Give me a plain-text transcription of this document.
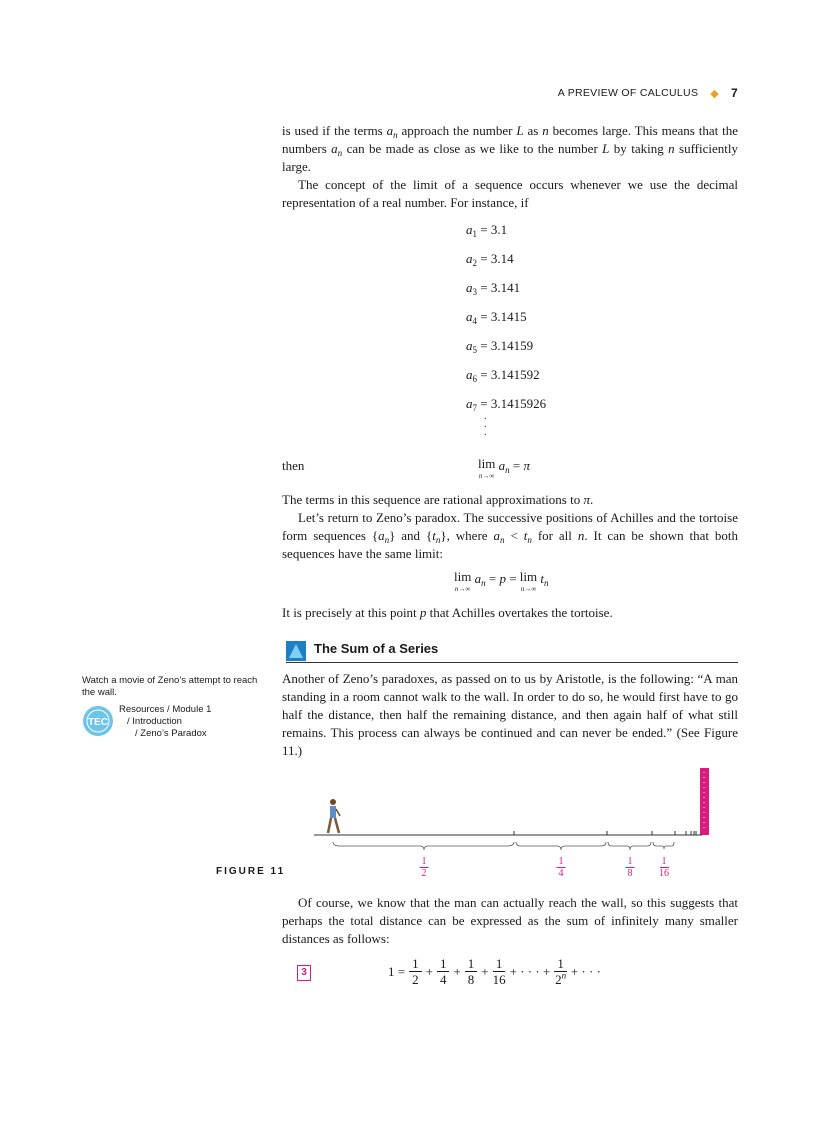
A PREVIEW OF CALCULUS ◆ 7
is used if the terms $a_n$ approach the number L as n becomes large. This means that the numbers $a_n$ can be made as close as we like to the number L by taking n sufficiently large.
The concept of the limit of a sequence occurs whenever we use the decimal representation of a real number. For instance, if
$a_1 = 3.1$
$a_2 = 3.14$
$a_3 = 3.141$
$a_4 = 3.1415$
$a_5 = 3.14159$
$a_6 = 3.141592$
$a_7 = 3.1415926$
.
.
.
then	lim
n→∞
$a_n = \pi$
The terms in this sequence are rational approximations to π.
Let’s return to Zeno’s paradox. The successive positions of Achilles and the tortoise form sequences $\{a_n\}$ and $\{t_n\}$, where $a_n < t_n$ for all n. It can be shown that both sequences have the same limit:
lim
n→∞
$a_n = p = \lim$
n→∞
$t_n$
It is precisely at this point p that Achilles overtakes the tortoise.
The Sum of a Series
Watch a movie of Zeno’s attempt to reach the wall.
TEC
Resources / Module 1
/ Introduction
/ Zeno’s Paradox
Another of Zeno’s paradoxes, as passed on to us by Aristotle, is the following: “A man standing in a room cannot walk to the wall. In order to do so, he would first have to go half the distance, then half the remaining distance, and then again half of what still remains. This process can always be continued and can never be ended.” (See Figure 11.)
1
2
1
4
1
8
1
16
FIGURE 11
Of course, we know that the man can actually reach the wall, so this suggests that perhaps the total distance can be expressed as the sum of infinitely many smaller distances as follows:
3	1
= $\frac{1}{2} + \frac{1}{4} + \frac{1}{8} + \frac{1}{16}$ +
· · ·
+ $\frac{1}{2^n}$ +
· · ·
